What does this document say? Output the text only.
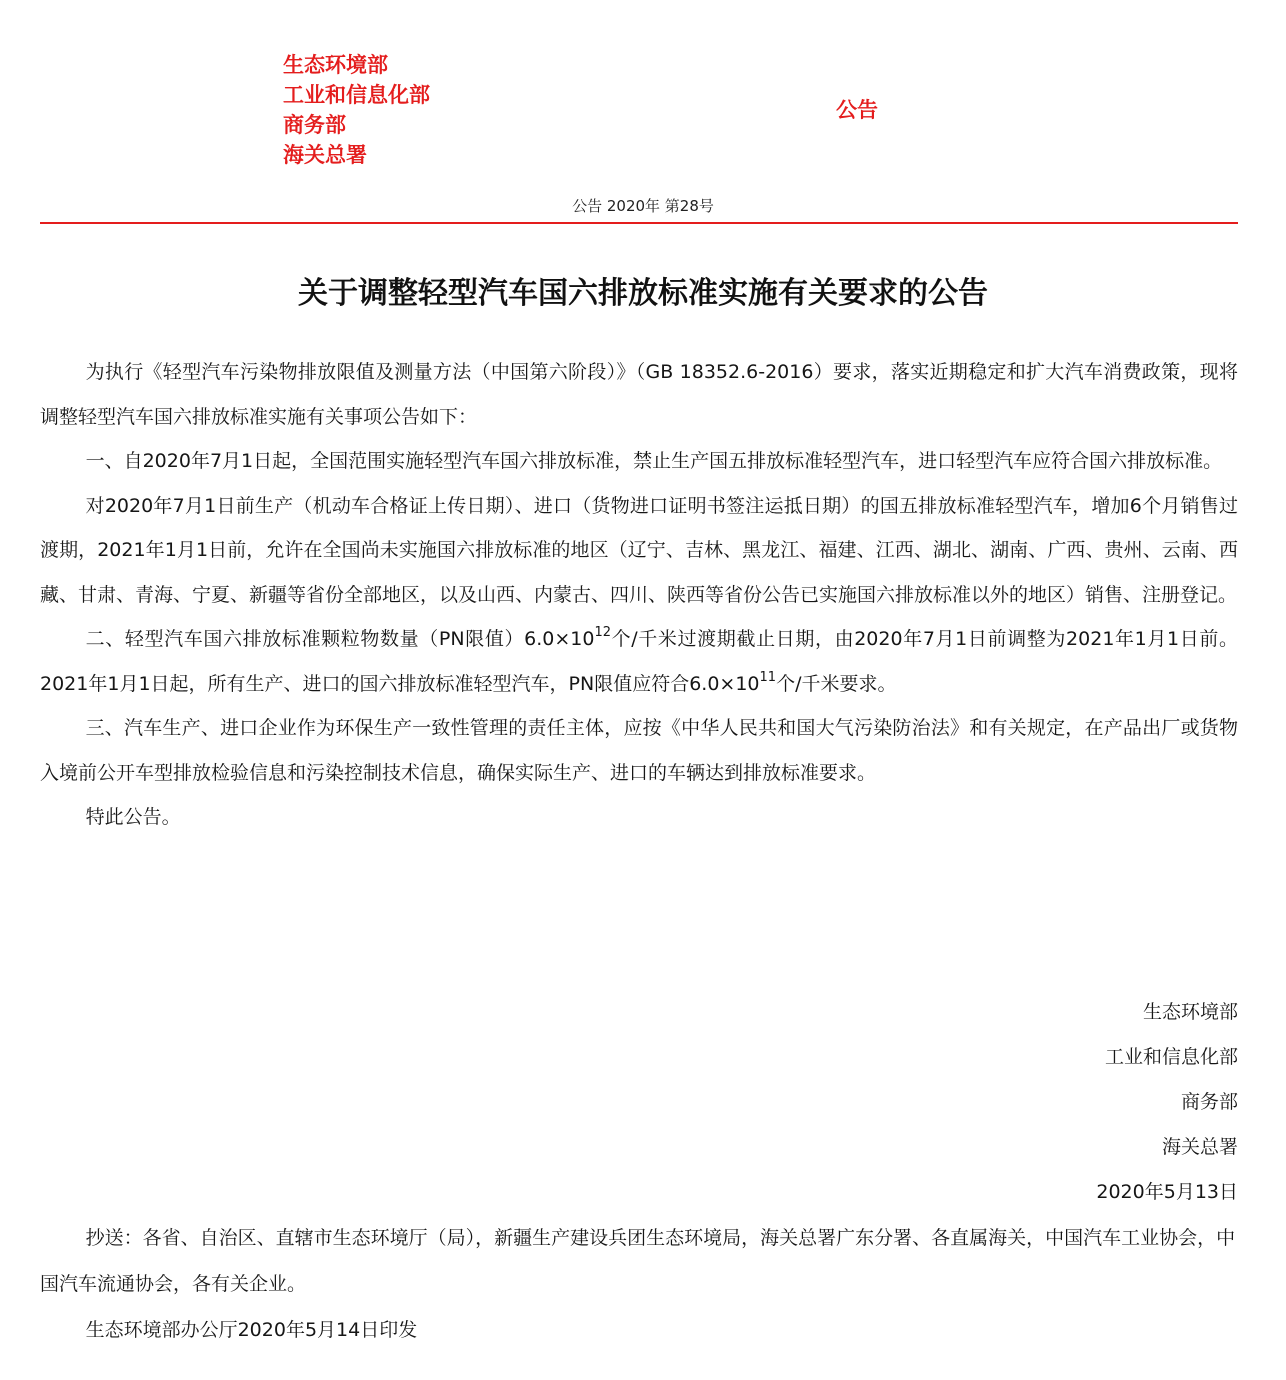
生态环境部
工业和信息化部
商务部
海关总署
公告
公告 2020年 第28号
关于调整轻型汽车国六排放标准实施有关要求的公告

为执行《轻型汽车污染物排放限值及测量方法（中国第六阶段）》（GB 18352.6-2016）要求，落实近期稳定和扩大汽车消费政策，现将调整轻型汽车国六排放标准实施有关事项公告如下：

一、自2020年7月1日起，全国范围实施轻型汽车国六排放标准，禁止生产国五排放标准轻型汽车，进口轻型汽车应符合国六排放标准。

对2020年7月1日前生产（机动车合格证上传日期）、进口（货物进口证明书签注运抵日期）的国五排放标准轻型汽车，增加6个月销售过渡期，2021年1月1日前，允许在全国尚未实施国六排放标准的地区（辽宁、吉林、黑龙江、福建、江西、湖北、湖南、广西、贵州、云南、西藏、甘肃、青海、宁夏、新疆等省份全部地区，以及山西、内蒙古、四川、陕西等省份公告已实施国六排放标准以外的地区）销售、注册登记。

二、轻型汽车国六排放标准颗粒物数量（PN限值）$6.0\times 10^{12}$个/千米过渡期截止日期，由2020年7月1日前调整为2021年1月1日前。2021年1月1日起，所有生产、进口的国六排放标准轻型汽车，PN限值应符合$6.0\times 10^{11}$个/千米要求。

三、汽车生产、进口企业作为环保生产一致性管理的责任主体，应按《中华人民共和国大气污染防治法》和有关规定，在产品出厂或货物入境前公开车型排放检验信息和污染控制技术信息，确保实际生产、进口的车辆达到排放标准要求。

特此公告。

生态环境部
工业和信息化部
商务部
海关总署
2020年5月13日

抄送：各省、自治区、直辖市生态环境厅（局），新疆生产建设兵团生态环境局，海关总署广东分署、各直属海关，中国汽车工业协会，中国汽车流通协会，各有关企业。

生态环境部办公厅2020年5月14日印发
